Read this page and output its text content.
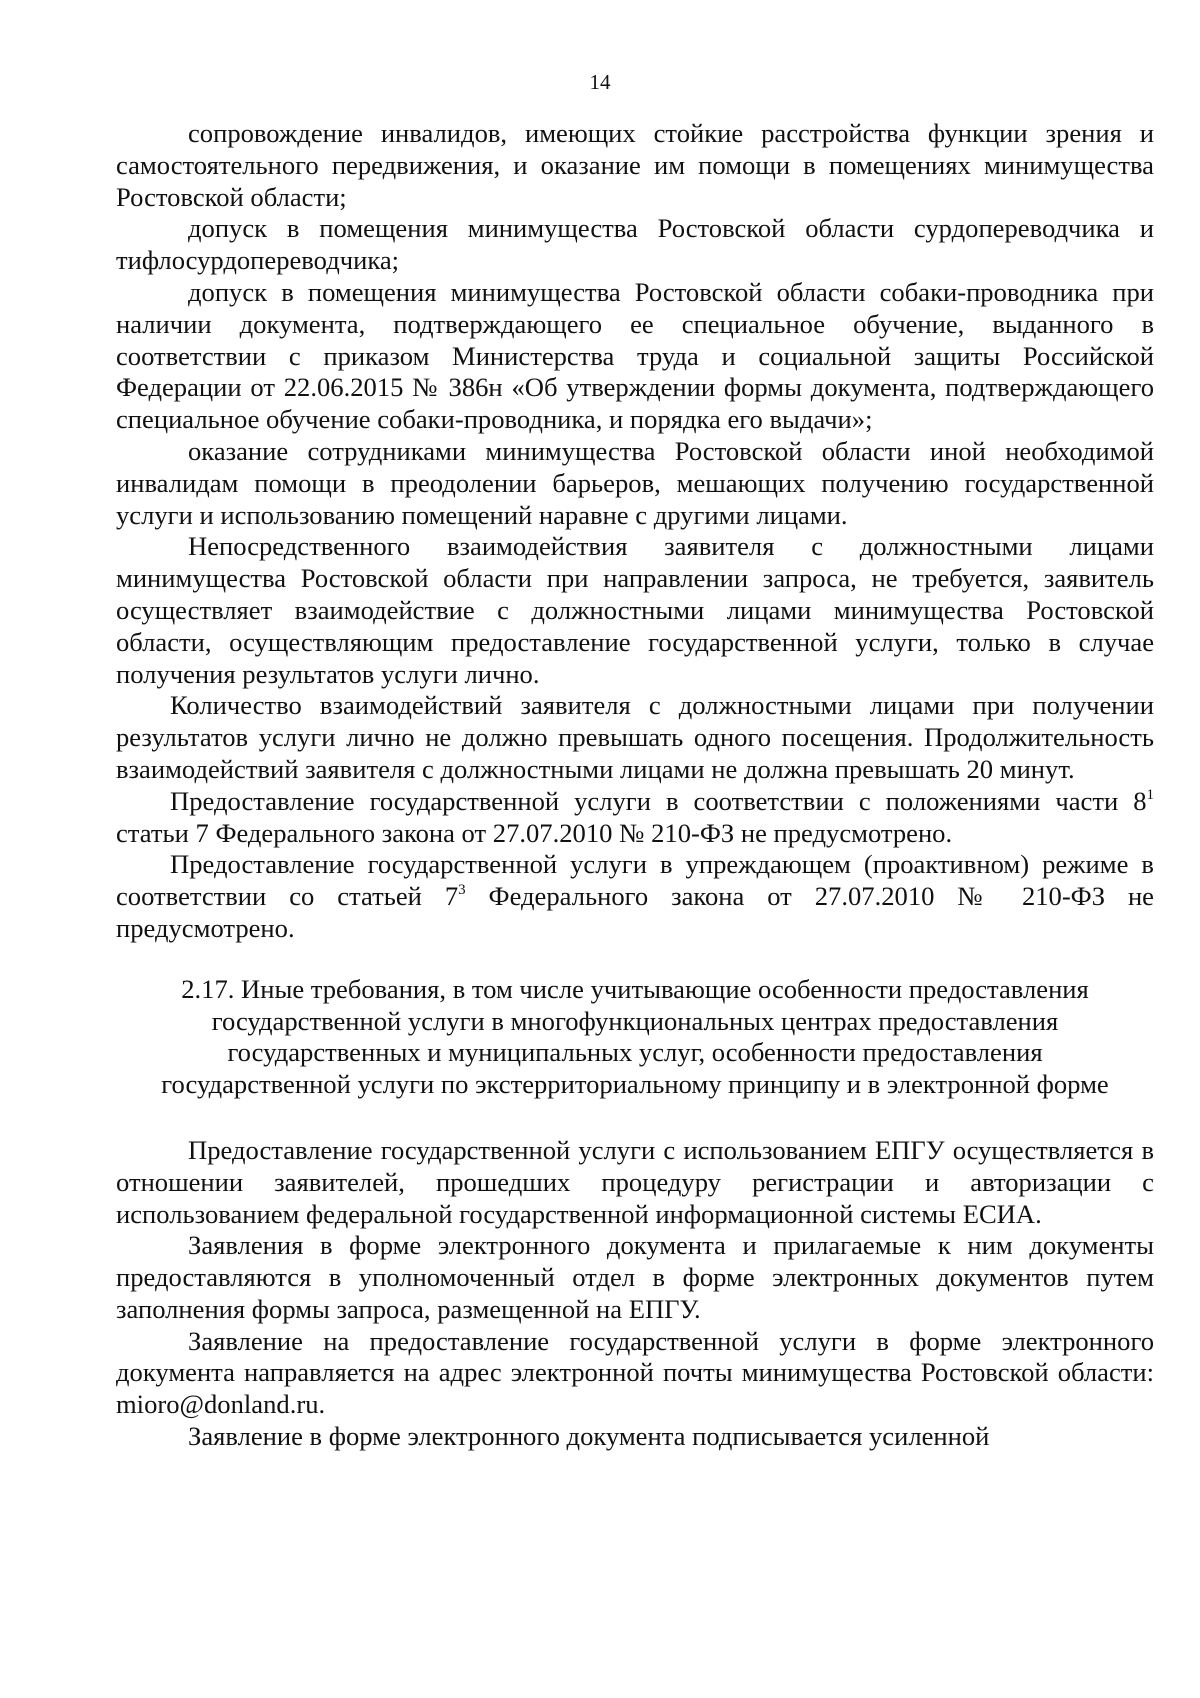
14

сопровождение инвалидов, имеющих стойкие расстройства функции зрения и самостоятельного передвижения, и оказание им помощи в помещениях минимущества Ростовской области;

допуск в помещения минимущества Ростовской области сурдопереводчика и тифлосурдопереводчика;

допуск в помещения минимущества Ростовской области собаки-проводника при наличии документа, подтверждающего ее специальное обучение, выданного в соответствии с приказом Министерства труда и социальной защиты Российской Федерации от 22.06.2015 № 386н «Об утверждении формы документа, подтверждающего специальное обучение собаки-проводника, и порядка его выдачи»;

оказание сотрудниками минимущества Ростовской области иной необходимой инвалидам помощи в преодолении барьеров, мешающих получению государственной услуги и использованию помещений наравне с другими лицами.

Непосредственного взаимодействия заявителя с должностными лицами минимущества Ростовской области при направлении запроса, не требуется, заявитель осуществляет взаимодействие с должностными лицами минимущества Ростовской области, осуществляющим предоставление государственной услуги, только в случае получения результатов услуги лично.

Количество взаимодействий заявителя с должностными лицами при получении результатов услуги лично не должно превышать одного посещения. Продолжительность взаимодействий заявителя с должностными лицами не должна превышать 20 минут.

Предоставление государственной услуги в соответствии с положениями части $8^1$ статьи 7 Федерального закона от 27.07.2010 № 210-ФЗ не предусмотрено.

Предоставление государственной услуги в упреждающем (проактивном) режиме в соответствии со статьей $7^3$ Федерального закона от 27.07.2010 № 210-ФЗ не предусмотрено.

2.17. Иные требования, в том числе учитывающие особенности предоставления
государственной услуги в многофункциональных центрах предоставления
государственных и муниципальных услуг, особенности предоставления
государственной услуги по экстерриториальному принципу и в электронной форме

Предоставление государственной услуги с использованием ЕПГУ осуществляется в отношении заявителей, прошедших процедуру регистрации и авторизации с использованием федеральной государственной информационной системы ЕСИА.

Заявления в форме электронного документа и прилагаемые к ним документы предоставляются в уполномоченный отдел в форме электронных документов путем заполнения формы запроса, размещенной на ЕПГУ.

Заявление на предоставление государственной услуги в форме электронного документа направляется на адрес электронной почты минимущества Ростовской области: mioro@donland.ru.

Заявление в форме электронного документа подписывается усиленной
